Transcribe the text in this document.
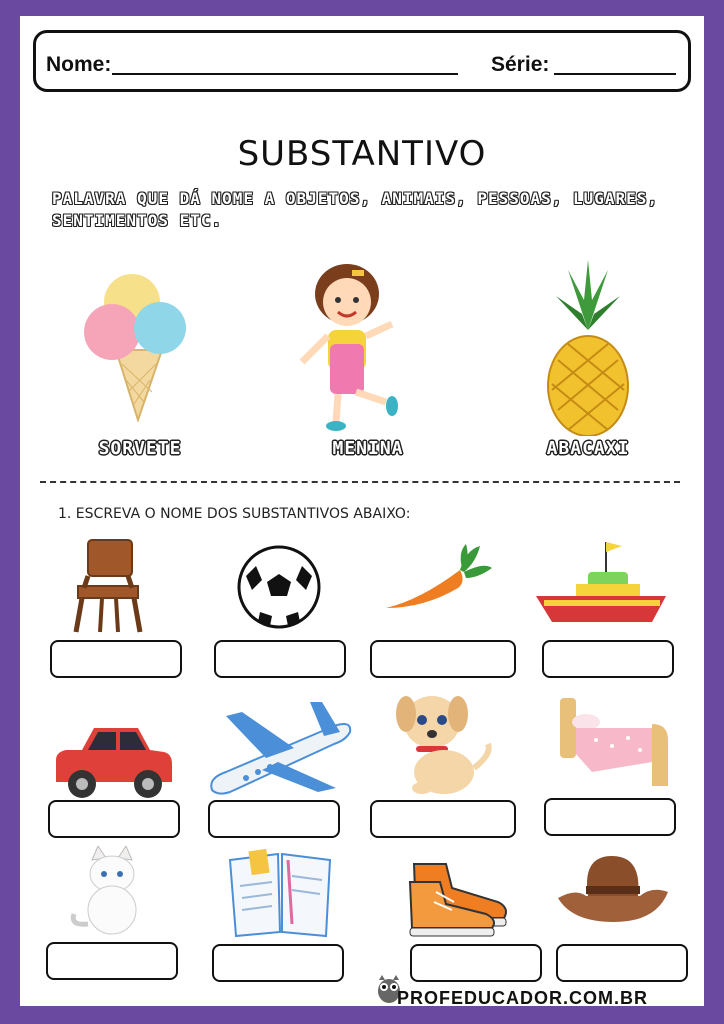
Nome:	Série:
SUBSTANTIVO
PALAVRA QUE DÁ NOME A OBJETOS, ANIMAIS, PESSOAS, LUGARES, SENTIMENTOS ETC.
SORVETE	MENINA	ABACAXI
1. ESCREVA O NOME DOS SUBSTANTIVOS ABAIXO:
PROFEDUCADOR.COM.BR
